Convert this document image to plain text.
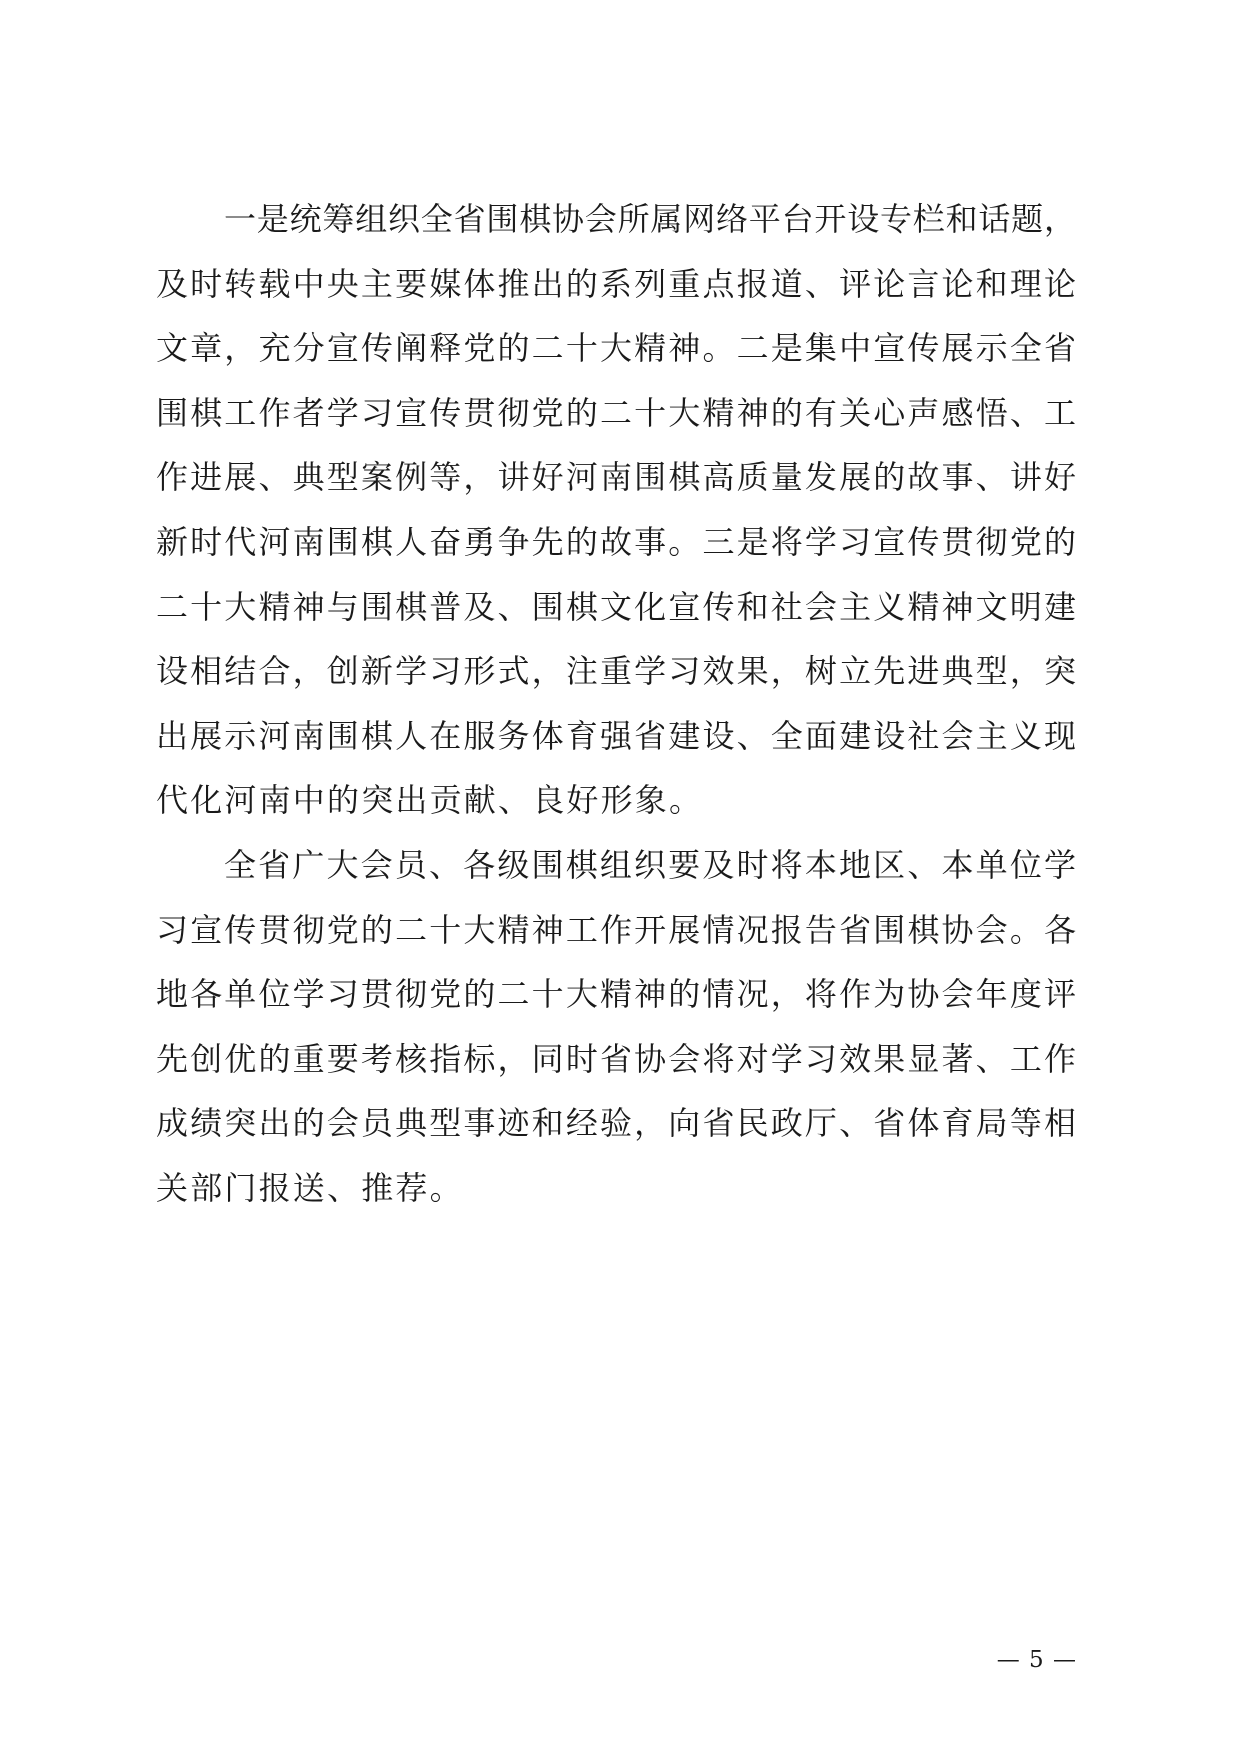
一是统筹组织全省围棋协会所属网络平台开设专栏和话题，
及时转载中央主要媒体推出的系列重点报道、评论言论和理论
文章，充分宣传阐释党的二十大精神。二是集中宣传展示全省
围棋工作者学习宣传贯彻党的二十大精神的有关心声感悟、工
作进展、典型案例等，讲好河南围棋高质量发展的故事、讲好
新时代河南围棋人奋勇争先的故事。三是将学习宣传贯彻党的
二十大精神与围棋普及、围棋文化宣传和社会主义精神文明建
设相结合，创新学习形式，注重学习效果，树立先进典型，突
出展示河南围棋人在服务体育强省建设、全面建设社会主义现
代化河南中的突出贡献、良好形象。
全省广大会员、各级围棋组织要及时将本地区、本单位学
习宣传贯彻党的二十大精神工作开展情况报告省围棋协会。各
地各单位学习贯彻党的二十大精神的情况，将作为协会年度评
先创优的重要考核指标，同时省协会将对学习效果显著、工作
成绩突出的会员典型事迹和经验，向省民政厅、省体育局等相
关部门报送、推荐。
— 5 —
